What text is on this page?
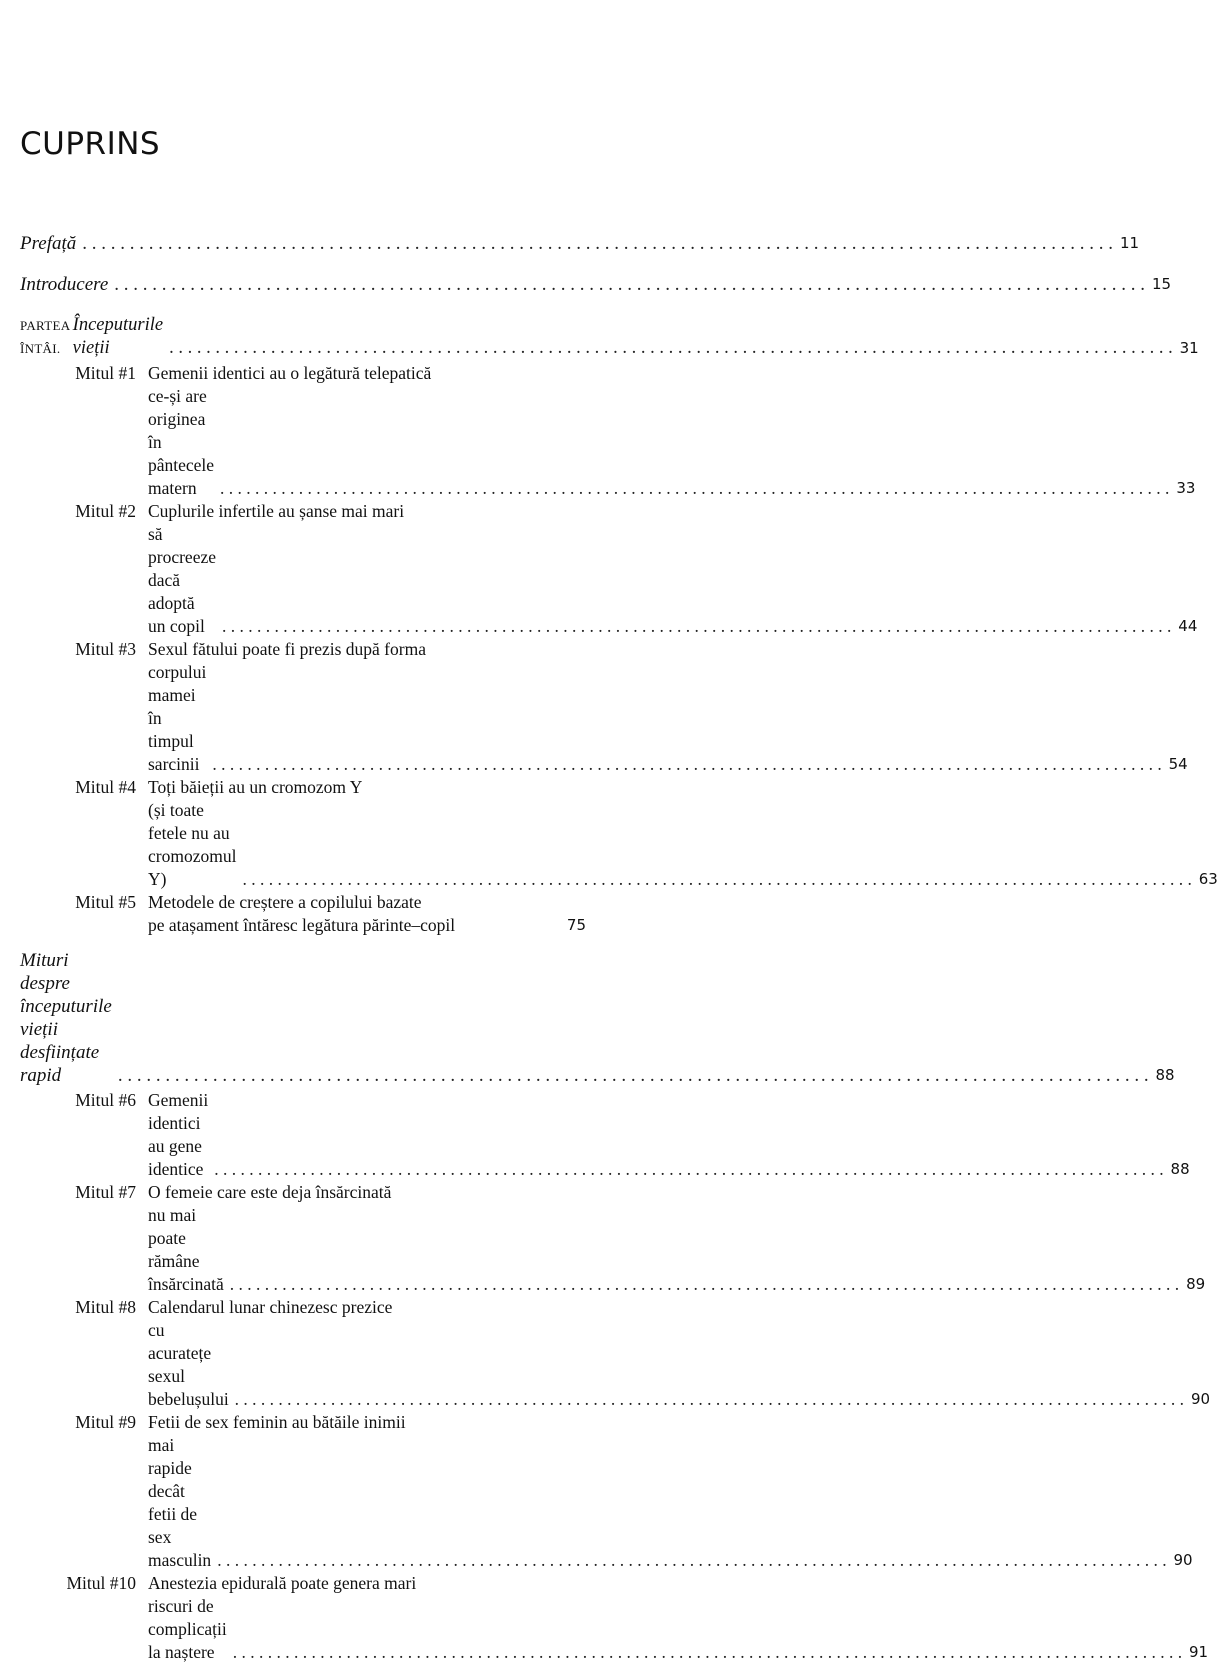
CUPRINS
Prefață . . .	11
Introducere . . .	15
PARTEA ÎNTÂI.
Începuturile vieții . . .	31
Mitul #1 Gemenii identici au o legătură telepatică
ce-și are originea în pântecele matern . . .	33
Mitul #2 Cuplurile infertile au șanse mai mari
să procreeze dacă adoptă un copil . . .	44
Mitul #3 Sexul fătului poate fi prezis după forma
corpului mamei în timpul sarcinii . . .	54
Mitul #4 Toți băieții au un cromozom Y
(și toate fetele nu au cromozomul Y) . . .	63
Mitul #5 Metodele de creștere a copilului bazate
pe atașament întăresc legătura părinte–copil	75
Mituri despre începuturile vieții desființate rapid . . .	88
Mitul #6 Gemenii identici au gene identice . . .	88
Mitul #7 O femeie care este deja însărcinată
nu mai poate rămâne însărcinată . . .	89
Mitul #8 Calendarul lunar chinezesc prezice
cu acuratețe sexul bebelușului . . .	90
Mitul #9 Fetii de sex feminin au bătăile inimii
mai rapide decât fetii de sex masculin . . .	90
Mitul #10 Anestezia epidurală poate genera mari
riscuri de complicații la naștere . . .	91
